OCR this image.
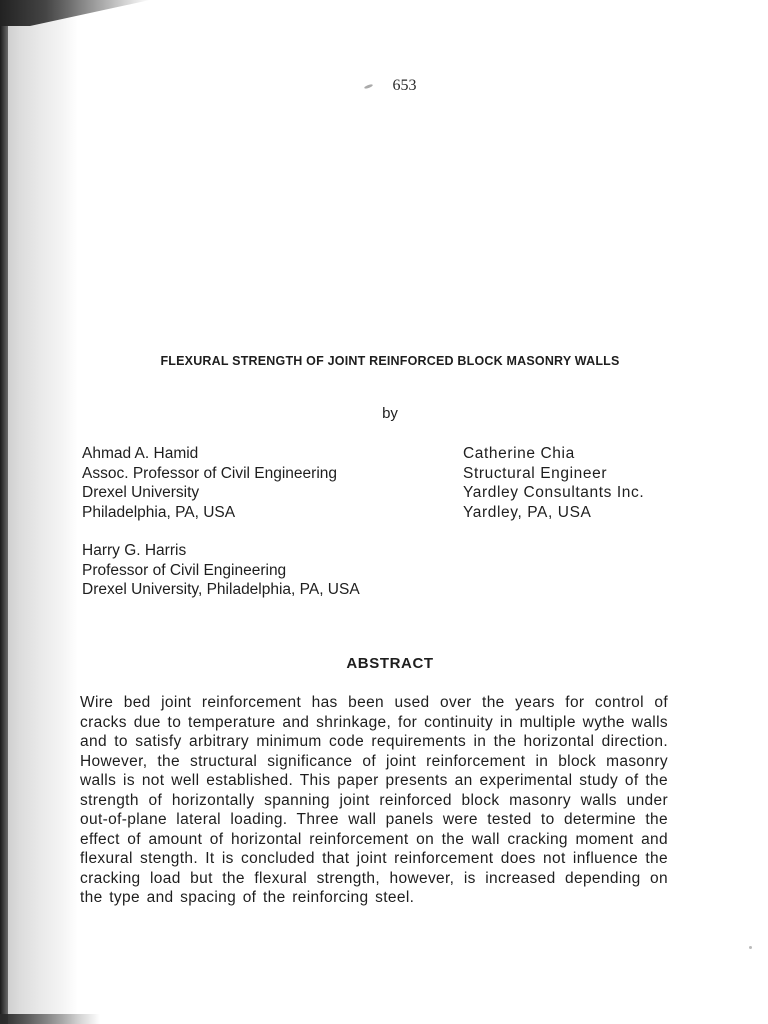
653
FLEXURAL STRENGTH OF JOINT REINFORCED BLOCK MASONRY WALLS
by
Ahmad A. Hamid
Assoc. Professor of Civil Engineering
Drexel University
Philadelphia, PA, USA
Catherine Chia
Structural Engineer
Yardley Consultants Inc.
Yardley, PA, USA
Harry G. Harris
Professor of Civil Engineering
Drexel University, Philadelphia, PA, USA
ABSTRACT
Wire bed joint reinforcement has been used over the years for control of cracks due to temperature and shrinkage, for continuity in multiple wythe walls and to satisfy arbitrary minimum code requirements in the horizontal direction. However, the structural significance of joint reinforcement in block masonry walls is not well established. This paper presents an experimental study of the strength of horizontally spanning joint reinforced block masonry walls under out-of-plane lateral loading. Three wall panels were tested to determine the effect of amount of horizontal reinforcement on the wall cracking moment and flexural stength. It is concluded that joint reinforcement does not influence the cracking load but the flexural strength, however, is increased depending on the type and spacing of the reinforcing steel.
